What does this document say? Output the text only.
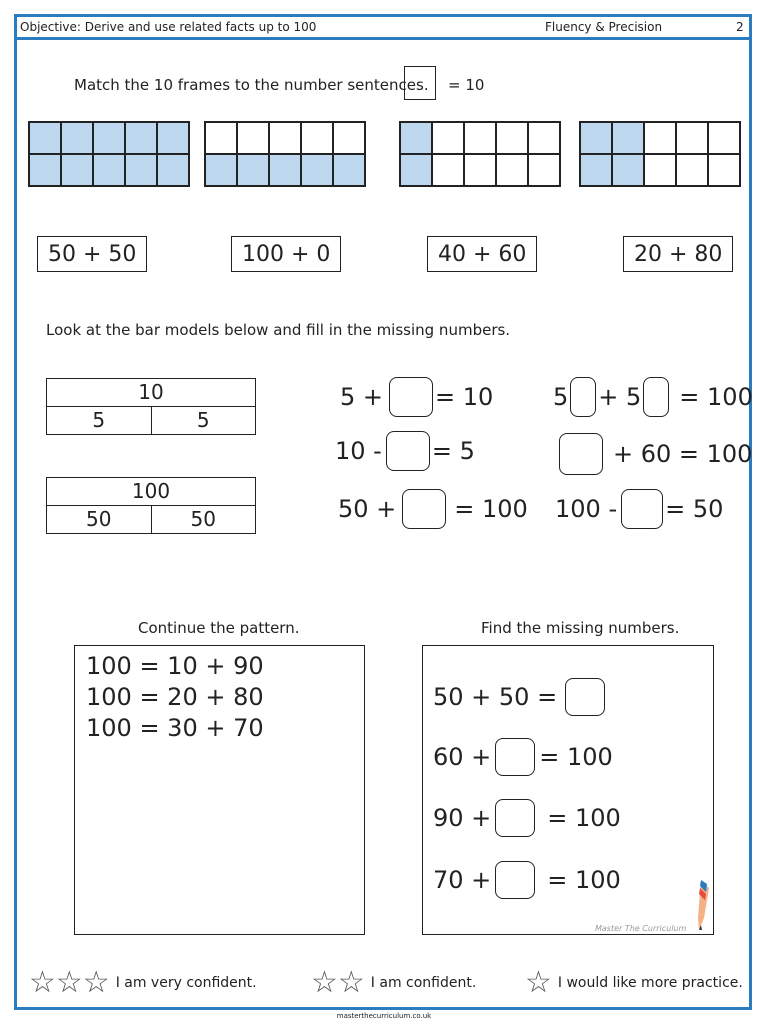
Objective: Derive and use related facts up to 100	Fluency & Precision	2
Match the 10 frames to the number sentences. = 10
50 + 50	100 + 0	40 + 60	20 + 80
Look at the bar models below and fill in the missing numbers.
10
5	5
100
50	50
5 + = 10
10 - = 5
50 + = 100
5 + 5 = 100
+ 60 = 100
100 - = 50
Continue the pattern.
100 = 10 + 90
100 = 20 + 80
100 = 30 + 70
Find the missing numbers.
50 + 50 =
60 + = 100
90 + = 100
70 + = 100
Master The Curriculum
☆☆☆ I am very confident. ☆☆ I am confident. ☆ I would like more practice.
masterthecurriculum.co.uk
